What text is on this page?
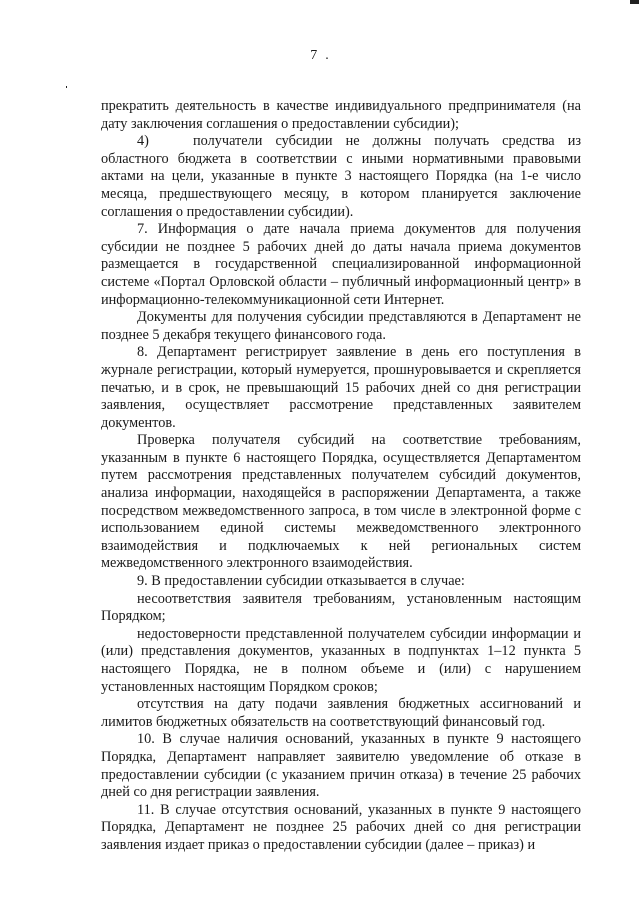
7 .

прекратить деятельность в качестве индивидуального предпринимателя (на дату заключения соглашения о предоставлении субсидии);

4)	получатели субсидии не должны получать средства из областного бюджета в соответствии с иными нормативными правовыми актами на цели, указанные в пункте 3 настоящего Порядка (на 1-е число месяца, предшествующего месяцу, в котором планируется заключение соглашения о предоставлении субсидии).

7. Информация о дате начала приема документов для получения субсидии не позднее 5 рабочих дней до даты начала приема документов размещается в государственной специализированной информационной системе «Портал Орловской области – публичный информационный центр» в информационно-телекоммуникационной сети Интернет.

Документы для получения субсидии представляются в Департамент не позднее 5 декабря текущего финансового года.

8. Департамент регистрирует заявление в день его поступления в журнале регистрации, который нумеруется, прошнуровывается и скрепляется печатью, и в срок, не превышающий 15 рабочих дней со дня регистрации заявления, осуществляет рассмотрение представленных заявителем документов.

Проверка получателя субсидий на соответствие требованиям, указанным в пункте 6 настоящего Порядка, осуществляется Департаментом путем рассмотрения представленных получателем субсидий документов, анализа информации, находящейся в распоряжении Департамента, а также посредством межведомственного запроса, в том числе в электронной форме с использованием единой системы межведомственного электронного взаимодействия и подключаемых к ней региональных систем межведомственного электронного взаимодействия.

9. В предоставлении субсидии отказывается в случае:

несоответствия заявителя требованиям, установленным настоящим Порядком;

недостоверности представленной получателем субсидии информации и (или) представления документов, указанных в подпунктах 1–12 пункта 5 настоящего Порядка, не в полном объеме и (или) с нарушением установленных настоящим Порядком сроков;

отсутствия на дату подачи заявления бюджетных ассигнований и лимитов бюджетных обязательств на соответствующий финансовый год.

10. В случае наличия оснований, указанных в пункте 9 настоящего Порядка, Департамент направляет заявителю уведомление об отказе в предоставлении субсидии (с указанием причин отказа) в течение 25 рабочих дней со дня регистрации заявления.

11. В случае отсутствия оснований, указанных в пункте 9 настоящего Порядка, Департамент не позднее 25 рабочих дней со дня регистрации заявления издает приказ о предоставлении субсидии (далее – приказ) и
